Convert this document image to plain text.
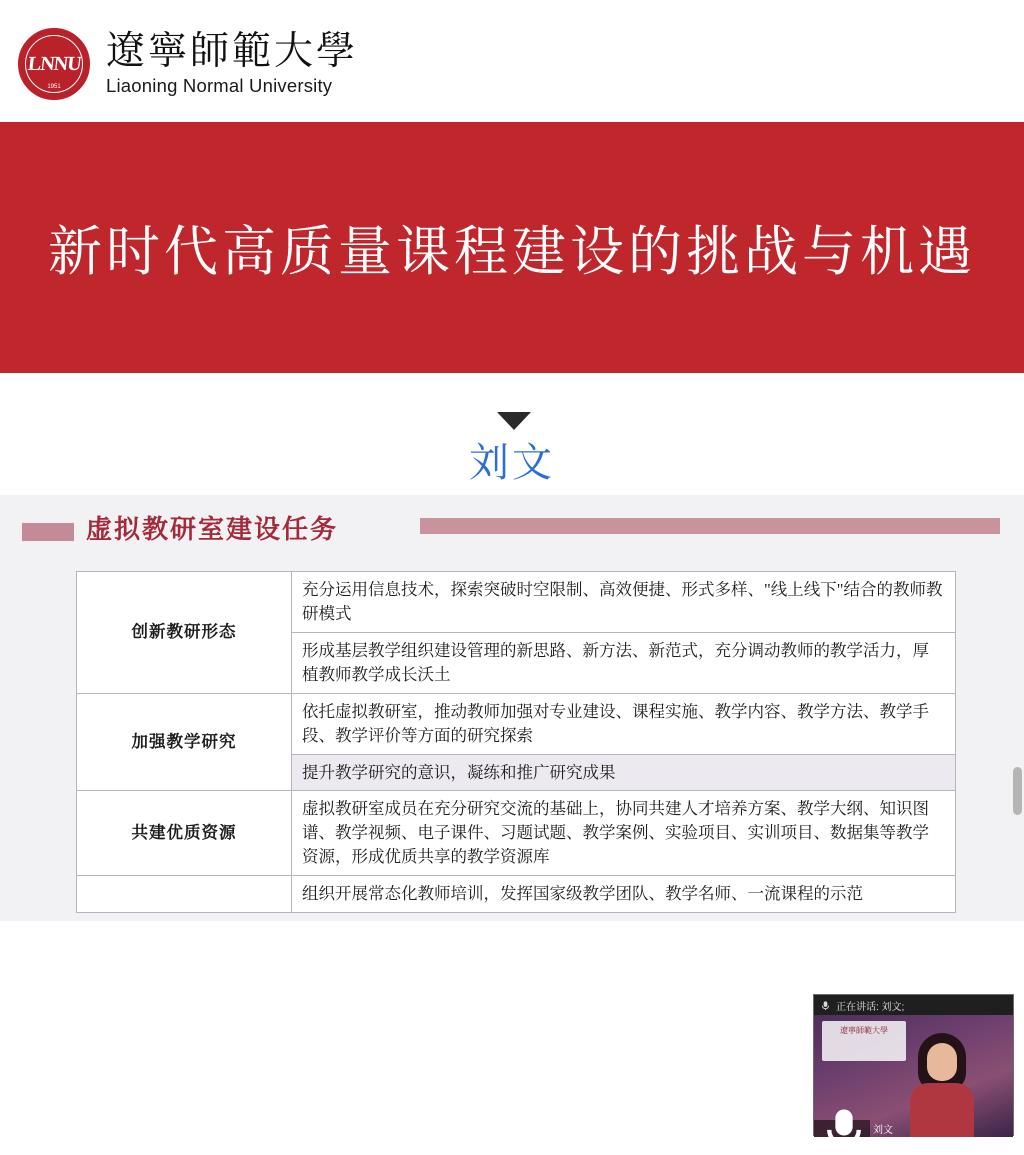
LNNU
1951
遼寧師範大學
Liaoning Normal University
新时代高质量课程建设的挑战与机遇
刘文
虚拟教研室建设任务
创新教研形态	充分运用信息技术，探索突破时空限制、高效便捷、形式多样、"线上线下"结合的教师教研模式
	形成基层教学组织建设管理的新思路、新方法、新范式，充分调动教师的教学活力，厚植教师教学成长沃土
加强教学研究	依托虚拟教研室，推动教师加强对专业建设、课程实施、教学内容、教学方法、教学手段、教学评价等方面的研究探索
	提升教学研究的意识，凝练和推广研究成果
共建优质资源	虚拟教研室成员在充分研究交流的基础上，协同共建人才培养方案、教学大纲、知识图谱、教学视频、电子课件、习题试题、教学案例、实验项目、实训项目、数据集等教学资源，形成优质共享的教学资源库
	组织开展常态化教师培训，发挥国家级教学团队、教学名师、一流课程的示范
正在讲话: 刘文;
遼寧師範大學
刘文
